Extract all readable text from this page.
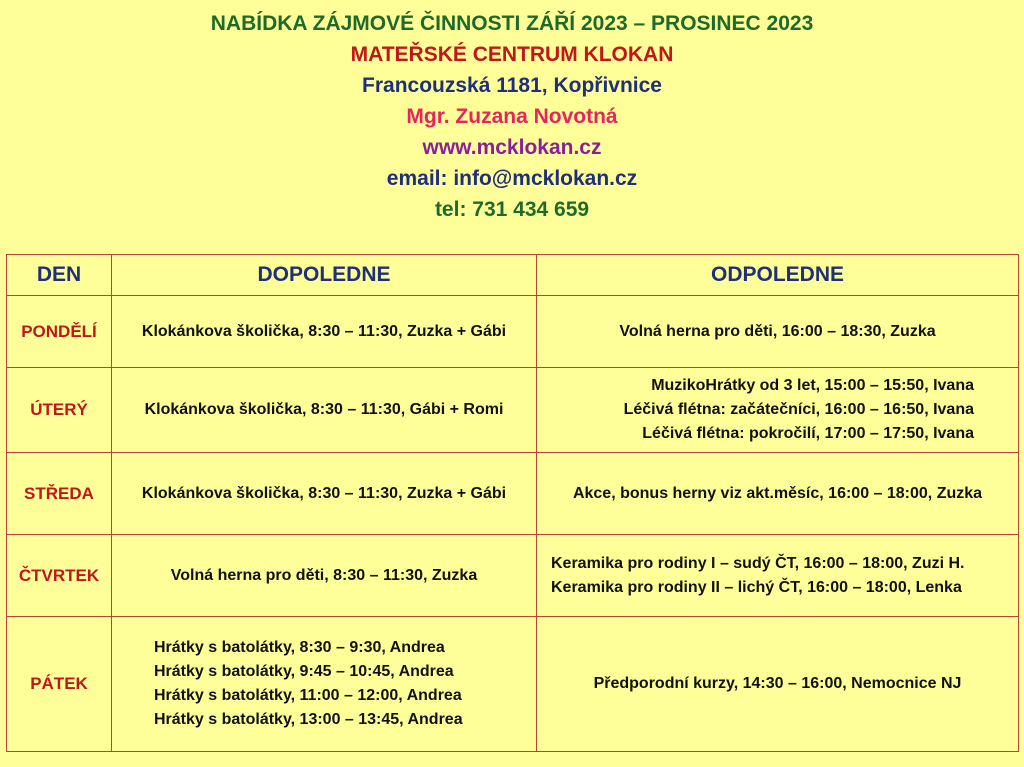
NABÍDKA ZÁJMOVÉ ČINNOSTI ZÁŘÍ 2023 – PROSINEC 2023
MATEŘSKÉ CENTRUM KLOKAN
Francouzská 1181, Kopřivnice
Mgr. Zuzana Novotná
www.mcklokan.cz
email: info@mcklokan.cz
tel: 731 434 659
DEN	DOPOLEDNE	ODPOLEDNE
PONDĚLÍ	Klokánkova školička, 8:30 – 11:30, Zuzka + Gábi	Volná herna pro děti, 16:00 – 18:30, Zuzka

ÚTERÝ	Klokánkova školička, 8:30 – 11:30, Gábi + Romi	MuzikoHrátky od 3 let, 15:00 – 15:50, Ivana
Léčivá flétna: začátečníci, 16:00 – 16:50, Ivana
Léčivá flétna: pokročilí, 17:00 – 17:50, Ivana

STŘEDA	Klokánkova školička, 8:30 – 11:30, Zuzka + Gábi	Akce, bonus herny viz akt.měsíc, 16:00 – 18:00, Zuzka

ČTVRTEK	Volná herna pro děti, 8:30 – 11:30, Zuzka	Keramika pro rodiny I – sudý ČT, 16:00 – 18:00, Zuzi H.
Keramika pro rodiny II – lichý ČT, 16:00 – 18:00, Lenka

PÁTEK	Hrátky s batolátky, 8:30 – 9:30, Andrea
Hrátky s batolátky, 9:45 – 10:45, Andrea
Hrátky s batolátky, 11:00 – 12:00, Andrea
Hrátky s batolátky, 13:00 – 13:45, Andrea	Předporodní kurzy, 14:30 – 16:00, Nemocnice NJ
